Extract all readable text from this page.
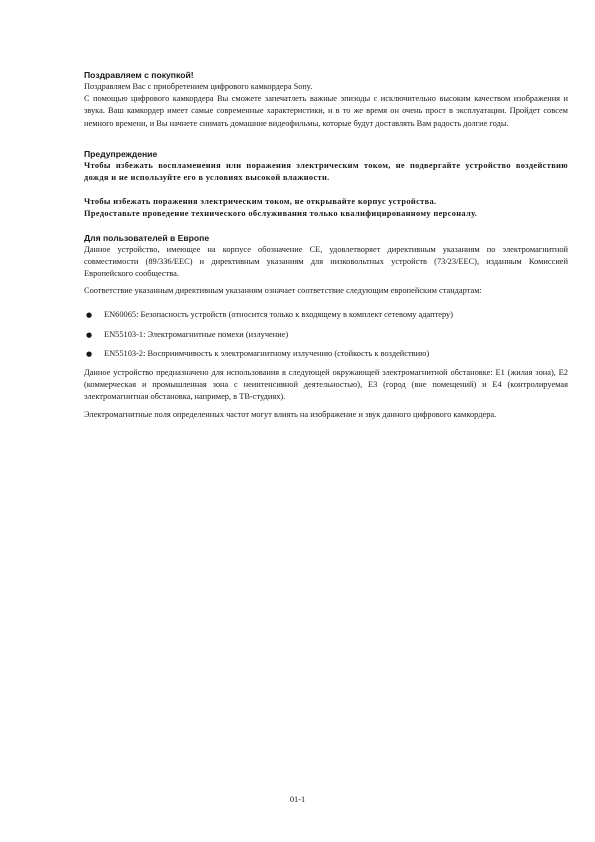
Поздравляем с покупкой!

Поздравляем Вас с приобретением цифрового камкордера Sony.

С помощью цифрового камкордера Вы сможете запечатлеть важные эпизоды с исключительно высоким качеством изображения и звука. Ваш камкордер имеет самые современные характеристики, и в то же время он очень прост в эксплуатации. Пройдет совсем немного времени, и Вы начнете снимать домашние видеофильмы, которые будут доставлять Вам радость долгие годы.

Предупреждение

Чтобы избежать воспламенения или поражения электрическим током, не подвергайте устройство воздействию дождя и не используйте его в условиях высокой влажности.

Чтобы избежать поражения электрическим током, не открывайте корпус устройства.

Предоставьте проведение технического обслуживания только квалифицированному персоналу.

Для пользователей в Европе

Данное устройство, имеющее на корпусе обозначение CE, удовлетворяет директивным указаниям по электромагнитной совместимости (89/336/EEC) и директивным указаниям для низковольтных устройств (73/23/EEC), изданным Комиссией Европейского сообщества.

Соответствие указанным директивным указаниям означает соответствие следующим европейским стандартам:

● EN60065: Безопасность устройств (относится только к входящему в комплект сетевому адаптеру)
● EN55103-1: Электромагнитные помехи (излучение)
● EN55103-2: Восприимчивость к электромагнитному излучению (стойкость к воздействию)

Данное устройство предназначено для использования в следующей окружающей электромагнитной обстановке: E1 (жилая зона), E2 (коммерческая и промышленная зона с неинтенсивной деятельностью), E3 (город (вне помещений) и E4 (контролируемая электромагнитная обстановка, например, в ТВ-студиях).

Электромагнитные поля определенных частот могут влиять на изображение и звук данного цифрового камкордера.

01-1
